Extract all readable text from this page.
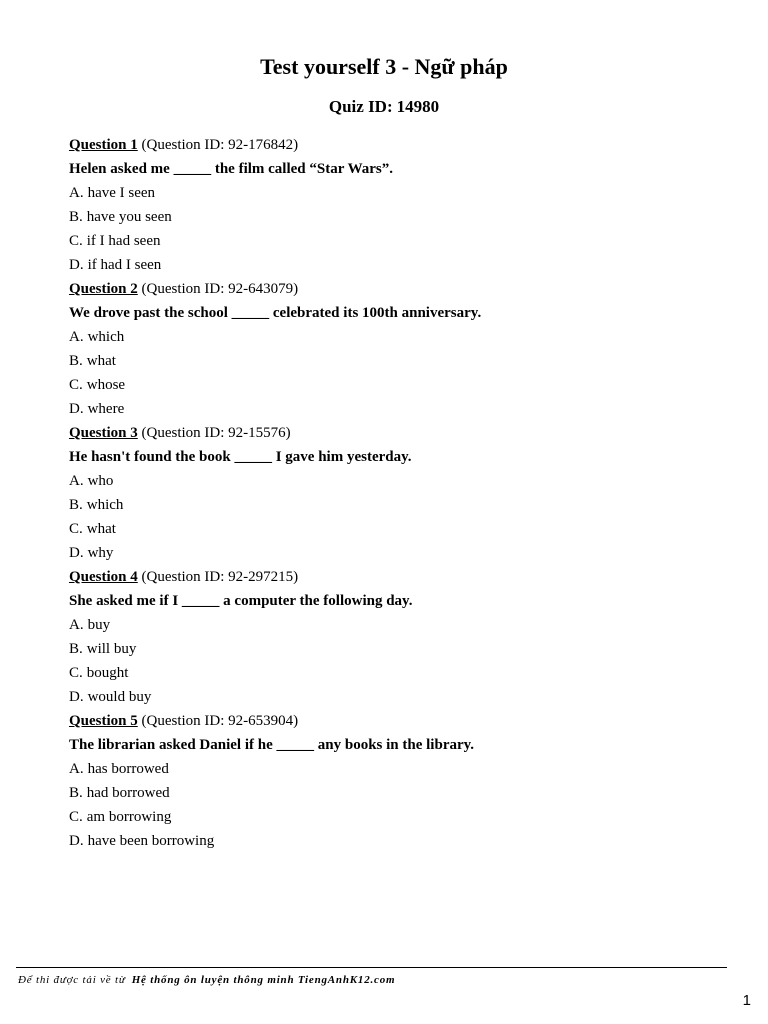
Test yourself 3 - Ngữ pháp
Quiz ID: 14980
Question 1 (Question ID: 92-176842)
Helen asked me _____ the film called “Star Wars”.
A. have I seen
B. have you seen
C. if I had seen
D. if had I seen
Question 2 (Question ID: 92-643079)
We drove past the school _____ celebrated its 100th anniversary.
A. which
B. what
C. whose
D. where
Question 3 (Question ID: 92-15576)
He hasn't found the book _____ I gave him yesterday.
A. who
B. which
C. what
D. why
Question 4 (Question ID: 92-297215)
She asked me if I _____ a computer the following day.
A. buy
B. will buy
C. bought
D. would buy
Question 5 (Question ID: 92-653904)
The librarian asked Daniel if he _____ any books in the library.
A. has borrowed
B. had borrowed
C. am borrowing
D. have been borrowing
Để thi được tải về từ Hệ thống ôn luyện thông minh TiengAnhK12.com
1
